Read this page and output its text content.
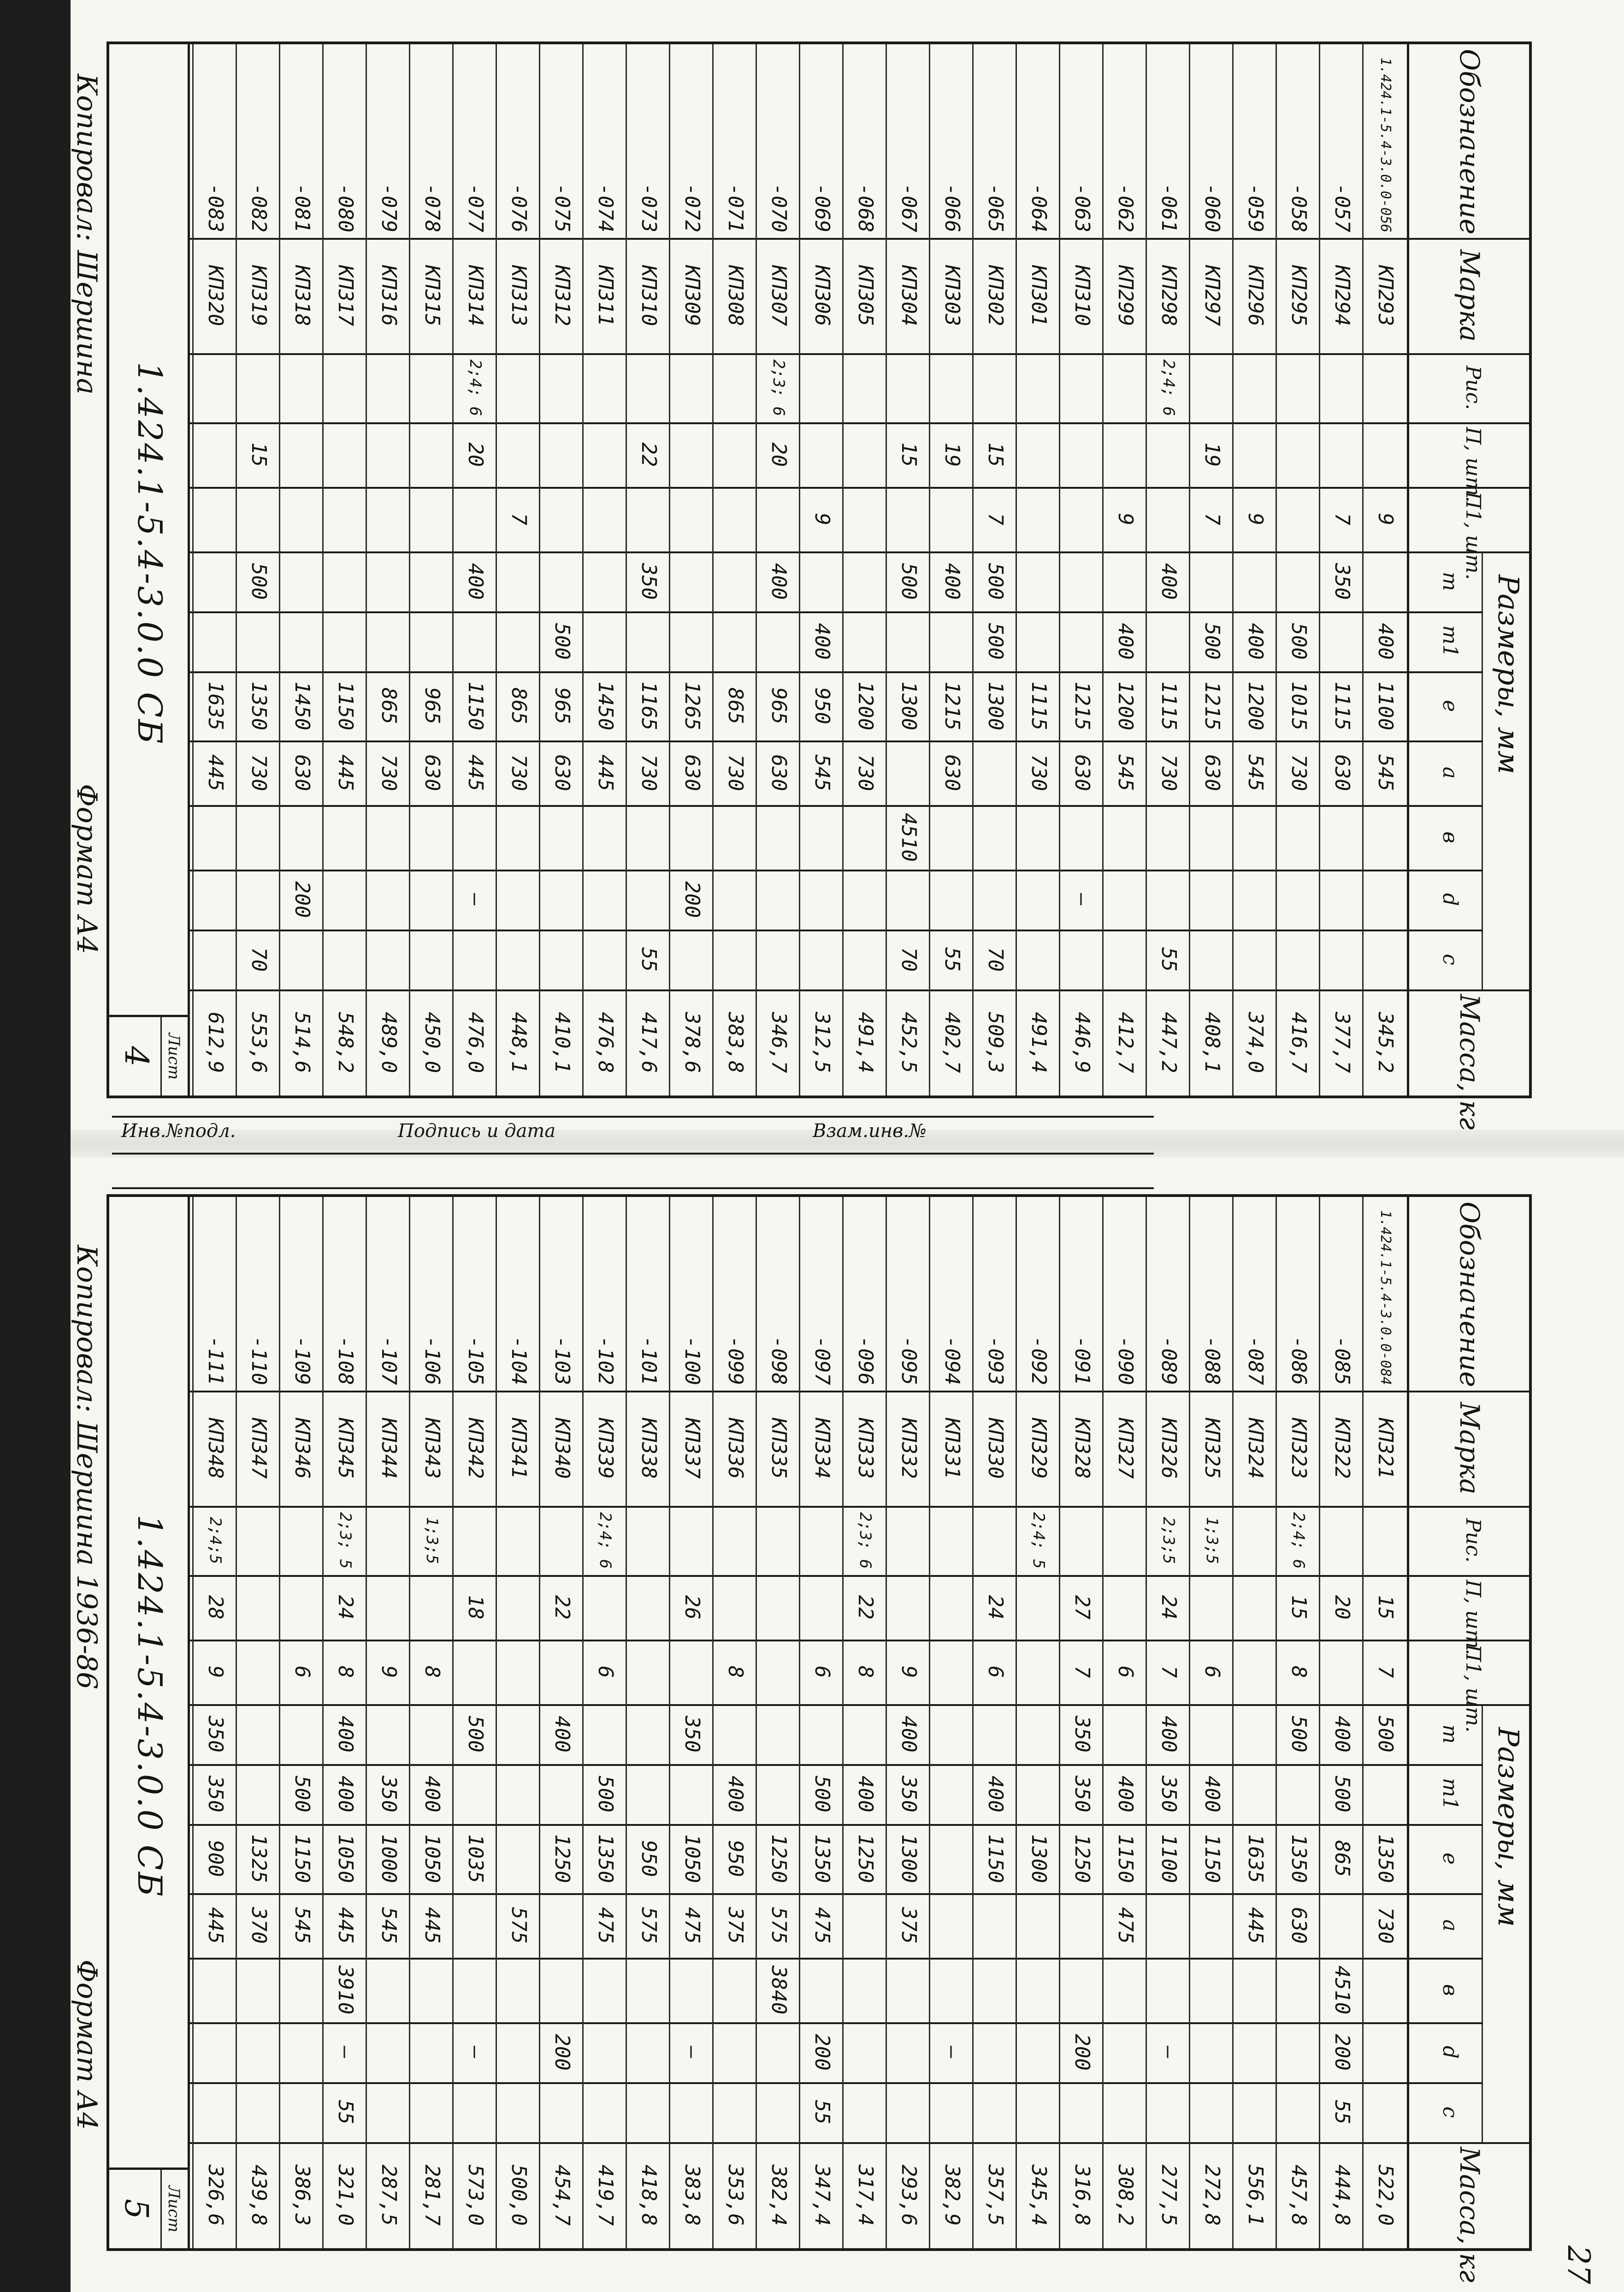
27
Размеры, мм
Обозначение
Марка
Рис.
П, шт.
П1, шт.
m
m1
e
a
в
d
c
Масса, кг
1.424.1-5.4-3.0.0-056
КП293
9
400
1100
545
345,2
-057
КП294
7
350
1115
630
377,7
-058
КП295
500
1015
730
416,7
-059
КП296
9
400
1200
545
374,0
-060
КП297
19
7
500
1215
630
408,1
-061
КП298
2;4; 6
400
1115
730
55
447,2
-062
КП299
9
400
1200
545
412,7
-063
КП310
1215
630
—
446,9
-064
КП301
1115
730
491,4
-065
КП302
15
7
500
500
1300
70
509,3
-066
КП303
19
400
1215
630
55
402,7
-067
КП304
15
500
1300
4510
70
452,5
-068
КП305
1200
730
491,4
-069
КП306
9
400
950
545
312,5
-070
КП307
2;3; 6
20
400
965
630
346,7
-071
КП308
865
730
383,8
-072
КП309
1265
630
200
378,6
-073
КП310
22
350
1165
730
55
417,6
-074
КП311
1450
445
476,8
-075
КП312
500
965
630
410,1
-076
КП313
7
865
730
448,1
-077
КП314
2;4; 6
20
400
1150
445
—
476,0
-078
КП315
965
630
450,0
-079
КП316
865
730
489,0
-080
КП317
1150
445
548,2
-081
КП318
1450
630
200
514,6
-082
КП319
15
500
1350
730
70
553,6
-083
КП320
1635
445
612,9
1.424.1-5.4-3.0.0 СБ
Лист
4
Инв.№подл.	Подпись и дата	Взам.инв.№
Размеры, мм
Обозначение
Марка
Рис.
П, шт.
П1, шт.
m
m1
e
a
в
d
c
Масса, кг
1.424.1-5.4-3.0.0-084
КП321
15
7
500
1350
730
522,0
-085
КП322
20
400
500
865
4510
200
55
444,8
-086
КП323
2;4; 6
15
8
500
1350
630
457,8
-087
КП324
1635
445
556,1
-088
КП325
1;3;5
6
400
1150
272,8
-089
КП326
2;3;5
24
7
400
350
1100
—
277,5
-090
КП327
6
400
1150
475
308,2
-091
КП328
27
7
350
350
1250
200
316,8
-092
КП329
2;4; 5
1300
345,4
-093
КП330
24
6
400
1150
357,5
-094
КП331
—
382,9
-095
КП332
9
400
350
1300
375
293,6
-096
КП333
2;3; 6
22
8
400
1250
317,4
-097
КП334
6
500
1350
475
200
55
347,4
-098
КП335
1250
575
3840
382,4
-099
КП336
8
400
950
375
353,6
-100
КП337
26
350
1050
475
—
383,8
-101
КП338
950
575
418,8
-102
КП339
2;4; 6
6
500
1350
475
419,7
-103
КП340
22
400
1250
200
454,7
-104
КП341
575
500,0
-105
КП342
18
500
1035
—
573,0
-106
КП343
1;3;5
8
400
1050
445
281,7
-107
КП344
9
350
1000
545
287,5
-108
КП345
2;3; 5
24
8
400
400
1050
445
3910
—
55
321,0
-109
КП346
6
500
1150
545
386,3
-110
КП347
1325
370
439,8
-111
КП348
2;4;5
28
9
350
350
900
445
326,6
1.424.1-5.4-3.0.0 СБ
Лист
5
Копировал: Шершина
Формат А4
Копировал: Шершина 1936-86
Формат А4
